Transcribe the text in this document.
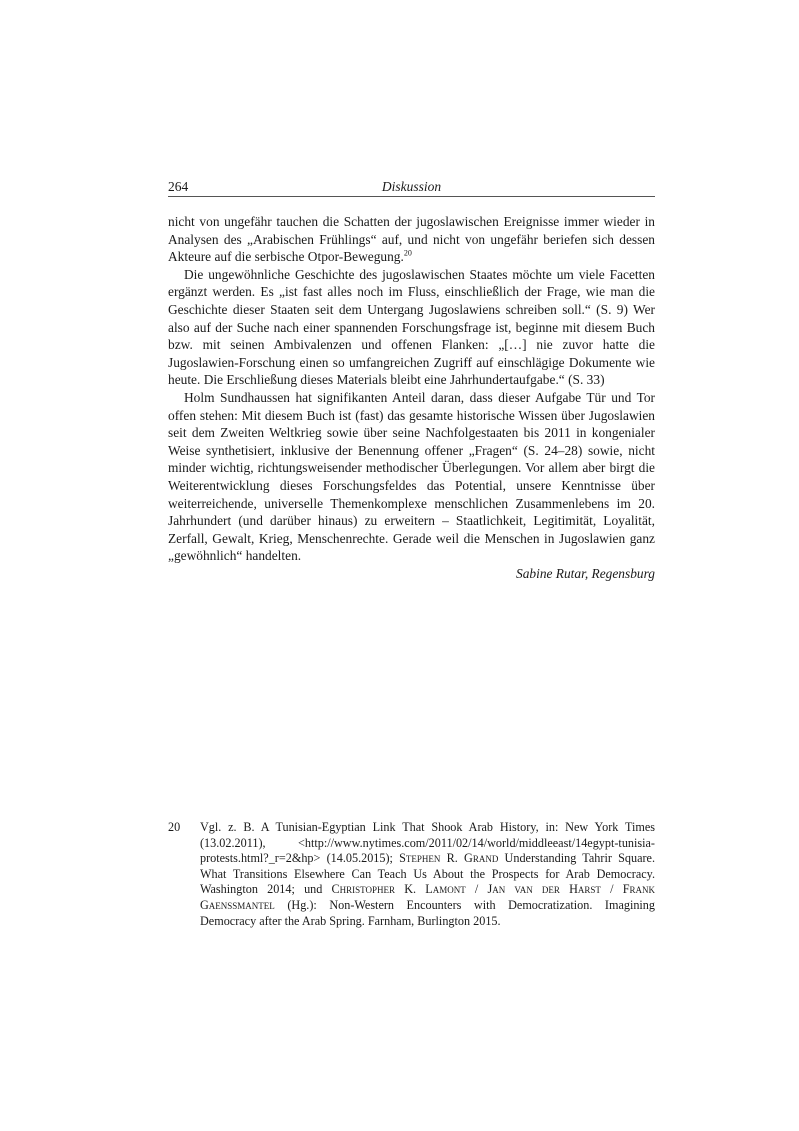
264	Diskussion

nicht von ungefähr tauchen die Schatten der jugoslawischen Ereignisse immer wieder in Analysen des „Arabischen Frühlings“ auf, und nicht von ungefähr beriefen sich dessen Akteure auf die serbische Otpor-Bewegung.$^{20}$

Die ungewöhnliche Geschichte des jugoslawischen Staates möchte um viele Facetten ergänzt werden. Es „ist fast alles noch im Fluss, einschließlich der Frage, wie man die Geschichte dieser Staaten seit dem Untergang Jugoslawiens schreiben soll.“ (S. 9) Wer also auf der Suche nach einer spannenden Forschungsfrage ist, beginne mit diesem Buch bzw. mit seinen Ambivalenzen und offenen Flanken: „[…] nie zuvor hatte die Jugoslawien-Forschung einen so umfangreichen Zugriff auf einschlägige Dokumente wie heute. Die Erschließung dieses Materials bleibt eine Jahrhundertaufgabe.“ (S. 33)

Holm Sundhaussen hat signifikanten Anteil daran, dass dieser Aufgabe Tür und Tor offen stehen: Mit diesem Buch ist (fast) das gesamte historische Wissen über Jugoslawien seit dem Zweiten Weltkrieg sowie über seine Nachfolgestaaten bis 2011 in kongenialer Weise synthetisiert, inklusive der Benennung offener „Fragen“ (S. 24–28) sowie, nicht minder wichtig, richtungsweisender methodischer Überlegungen. Vor allem aber birgt die Weiterentwicklung dieses Forschungsfeldes das Potential, unsere Kenntnisse über weiterreichende, universelle Themenkomplexe menschlichen Zusammenlebens im 20. Jahrhundert (und darüber hinaus) zu erweitern – Staatlichkeit, Legitimität, Loyalität, Zerfall, Gewalt, Krieg, Menschenrechte. Gerade weil die Menschen in Jugoslawien ganz „gewöhnlich“ handelten.

Sabine Rutar, Regensburg

20 Vgl. z. B. A Tunisian-Egyptian Link That Shook Arab History, in: New York Times (13.02.2011), <http://www.nytimes.com/2011/02/14/world/middleeast/14egypt-tunisia-protests.html?_r=2&hp> (14.05.2015); Stephen R. Grand Understanding Tahrir Square. What Transitions Elsewhere Can Teach Us About the Prospects for Arab Democracy. Washington 2014; und Christopher K. Lamont / Jan van der Harst / Frank Gaenssmantel (Hg.): Non-Western Encounters with Democratization. Imagining Democracy after the Arab Spring. Farnham, Burlington 2015.
